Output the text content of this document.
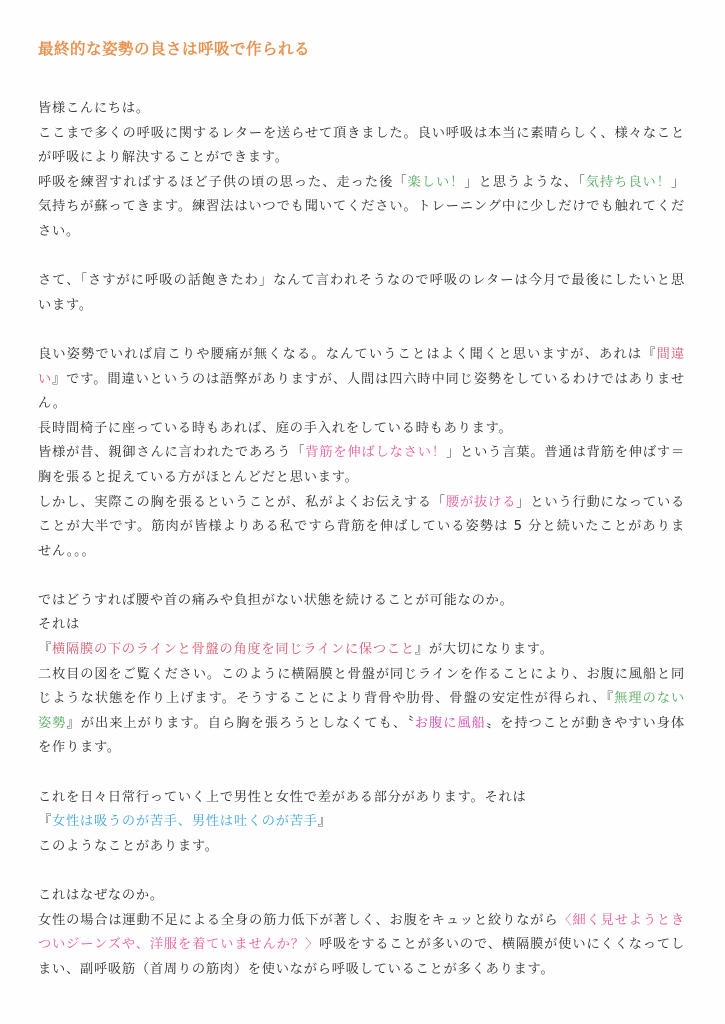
最終的な姿勢の良さは呼吸で作られる

皆様こんにちは。

ここまで多くの呼吸に関するレターを送らせて頂きました。良い呼吸は本当に素晴らしく、様々なことが呼吸により解決することができます。

呼吸を練習すればするほど子供の頃の思った、走った後「楽しい！」と思うような、「気持ち良い！」気持ちが蘇ってきます。練習法はいつでも聞いてください。トレーニング中に少しだけでも触れてください。

さて、「さすがに呼吸の話飽きたわ」なんて言われそうなので呼吸のレターは今月で最後にしたいと思います。

良い姿勢でいれば肩こりや腰痛が無くなる。なんていうことはよく聞くと思いますが、あれは『間違い』です。間違いというのは語弊がありますが、人間は四六時中同じ姿勢をしているわけではありません。

長時間椅子に座っている時もあれば、庭の手入れをしている時もあります。

皆様が昔、親御さんに言われたであろう「背筋を伸ばしなさい！」という言葉。普通は背筋を伸ばす＝胸を張ると捉えている方がほとんどだと思います。

しかし、実際この胸を張るということが、私がよくお伝えする「腰が抜ける」という行動になっていることが大半です。筋肉が皆様よりある私ですら背筋を伸ばしている姿勢は 5 分と続いたことがありません。。。

ではどうすれば腰や首の痛みや負担がない状態を続けることが可能なのか。

それは

『横隔膜の下のラインと骨盤の角度を同じラインに保つこと』が大切になります。

二枚目の図をご覧ください。このように横隔膜と骨盤が同じラインを作ることにより、お腹に風船と同じような状態を作り上げます。そうすることにより背骨や肋骨、骨盤の安定性が得られ、『無理のない姿勢』が出来上がります。自ら胸を張ろうとしなくても、〝お腹に風船〟を持つことが動きやすい身体を作ります。

これを日々日常行っていく上で男性と女性で差がある部分があります。それは

『女性は吸うのが苦手、男性は吐くのが苦手』

このようなことがあります。

これはなぜなのか。

女性の場合は運動不足による全身の筋力低下が著しく、お腹をキュッと絞りながら〈細く見せようときついジーンズや、洋服を着ていませんか？〉呼吸をすることが多いので、横隔膜が使いにくくなってしまい、副呼吸筋（首周りの筋肉）を使いながら呼吸していることが多くあります。
